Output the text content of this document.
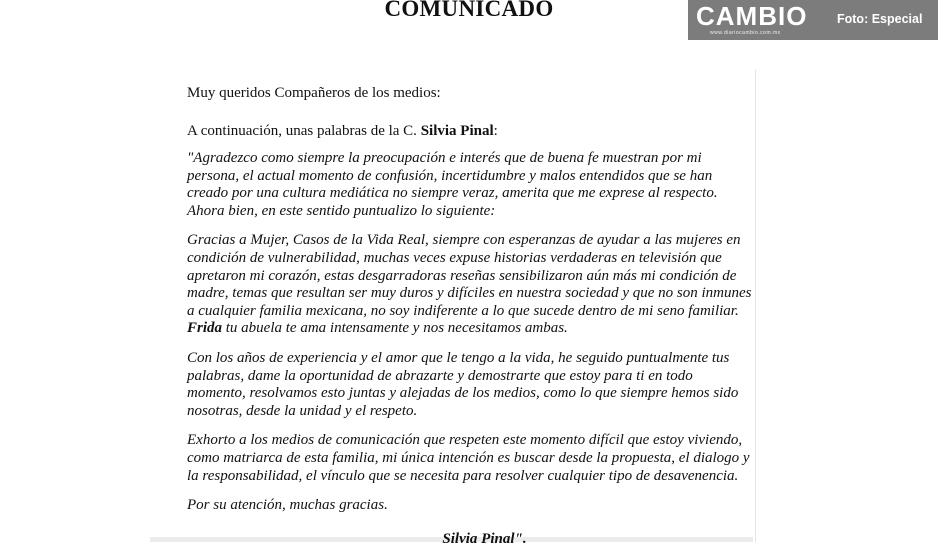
COMUNICADO	CAMBIO
www.diariocambio.com.mx
Foto: Especial

Muy queridos Compañeros de los medios:

A continuación, unas palabras de la C. Silvia Pinal:

"Agradezco como siempre la preocupación e interés que de buena fe muestran por mi persona, el actual momento de confusión, incertidumbre y malos entendidos que se han creado por una cultura mediática no siempre veraz, amerita que me exprese al respecto. Ahora bien, en este sentido puntualizo lo siguiente:

Gracias a Mujer, Casos de la Vida Real, siempre con esperanzas de ayudar a las mujeres en condición de vulnerabilidad, muchas veces expuse historias verdaderas en televisión que apretaron mi corazón, estas desgarradoras reseñas sensibilizaron aún más mi condición de madre, temas que resultan ser muy duros y difíciles en nuestra sociedad y que no son inmunes a cualquier familia mexicana, no soy indiferente a lo que sucede dentro de mi seno familiar. Frida tu abuela te ama intensamente y nos necesitamos ambas.

Con los años de experiencia y el amor que le tengo a la vida, he seguido puntualmente tus palabras, dame la oportunidad de abrazarte y demostrarte que estoy para ti en todo momento, resolvamos esto juntas y alejadas de los medios, como lo que siempre hemos sido nosotras, desde la unidad y el respeto.

Exhorto a los medios de comunicación que respeten este momento difícil que estoy viviendo, como matriarca de esta familia, mi única intención es buscar desde la propuesta, el dialogo y la responsabilidad, el vínculo que se necesita para resolver cualquier tipo de desavenencia.

Por su atención, muchas gracias.

Silvia Pinal".
